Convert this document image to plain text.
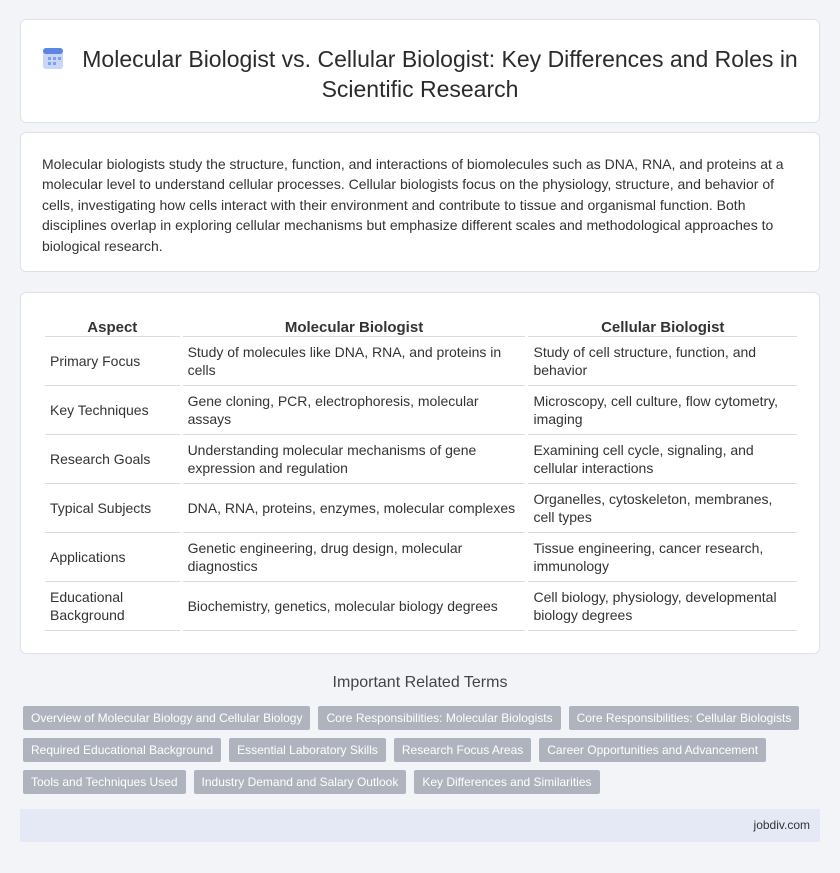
Molecular Biologist vs. Cellular Biologist: Key Differences and Roles in Scientific Research

Molecular biologists study the structure, function, and interactions of biomolecules such as DNA, RNA, and proteins at a molecular level to understand cellular processes. Cellular biologists focus on the physiology, structure, and behavior of cells, investigating how cells interact with their environment and contribute to tissue and organismal function. Both disciplines overlap in exploring cellular mechanisms but emphasize different scales and methodological approaches to biological research.

Aspect	Molecular Biologist	Cellular Biologist
Primary Focus	Study of molecules like DNA, RNA, and proteins in cells	Study of cell structure, function, and behavior
Key Techniques	Gene cloning, PCR, electrophoresis, molecular assays	Microscopy, cell culture, flow cytometry, imaging
Research Goals	Understanding molecular mechanisms of gene expression and regulation	Examining cell cycle, signaling, and cellular interactions
Typical Subjects	DNA, RNA, proteins, enzymes, molecular complexes	Organelles, cytoskeleton, membranes, cell types
Applications	Genetic engineering, drug design, molecular diagnostics	Tissue engineering, cancer research, immunology
Educational Background	Biochemistry, genetics, molecular biology degrees	Cell biology, physiology, developmental biology degrees
Important Related Terms
Overview of Molecular Biology and Cellular Biology	Core Responsibilities: Molecular Biologists	Core Responsibilities: Cellular Biologists
Required Educational Background	Essential Laboratory Skills	Research Focus Areas	Career Opportunities and Advancement
Tools and Techniques Used	Industry Demand and Salary Outlook	Key Differences and Similarities
jobdiv.com
